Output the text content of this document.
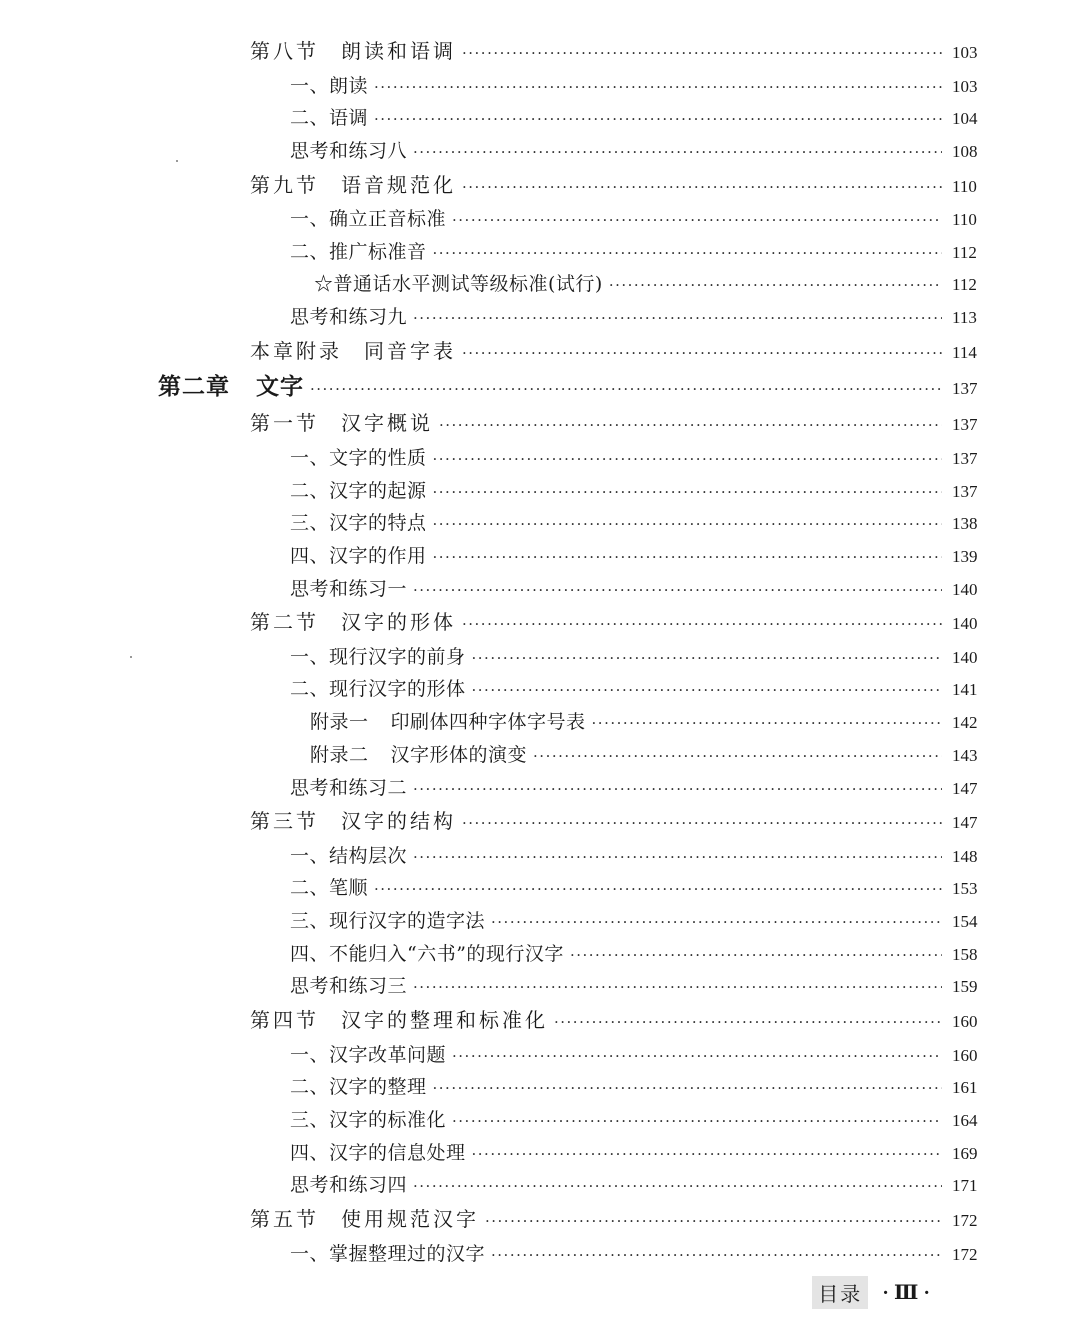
第八节 朗读和语调 ·····	103
一、朗读 ·····	103
二、语调 ·····	104
思考和练习八 ·····	108
第九节 语音规范化 ·····	110
一、确立正音标准 ·····	110
二、推广标准音 ·····	112
☆普通话水平测试等级标准(试行) ·····	112
思考和练习九 ·····	113
本章附录 同音字表 ·····	114
第二章 文字 ·····	137
第一节 汉字概说 ·····	137
一、文字的性质 ·····	137
二、汉字的起源 ·····	137
三、汉字的特点 ·····	138
四、汉字的作用 ·····	139
思考和练习一 ·····	140
第二节 汉字的形体 ·····	140
一、现行汉字的前身 ·····	140
二、现行汉字的形体 ·····	141
附录一 印刷体四种字体字号表 ·····	142
附录二 汉字形体的演变 ·····	143
思考和练习二 ·····	147
第三节 汉字的结构 ·····	147
一、结构层次 ·····	148
二、笔顺 ·····	153
三、现行汉字的造字法 ·····	154
四、不能归入“六书”的现行汉字 ·····	158
思考和练习三 ·····	159
第四节 汉字的整理和标准化 ·····	160
一、汉字改革问题 ·····	160
二、汉字的整理 ·····	161
三、汉字的标准化 ·····	164
四、汉字的信息处理 ·····	169
思考和练习四 ·····	171
第五节 使用规范汉字 ·····	172
一、掌握整理过的汉字 ·····	172
目录	· Ⅲ ·
